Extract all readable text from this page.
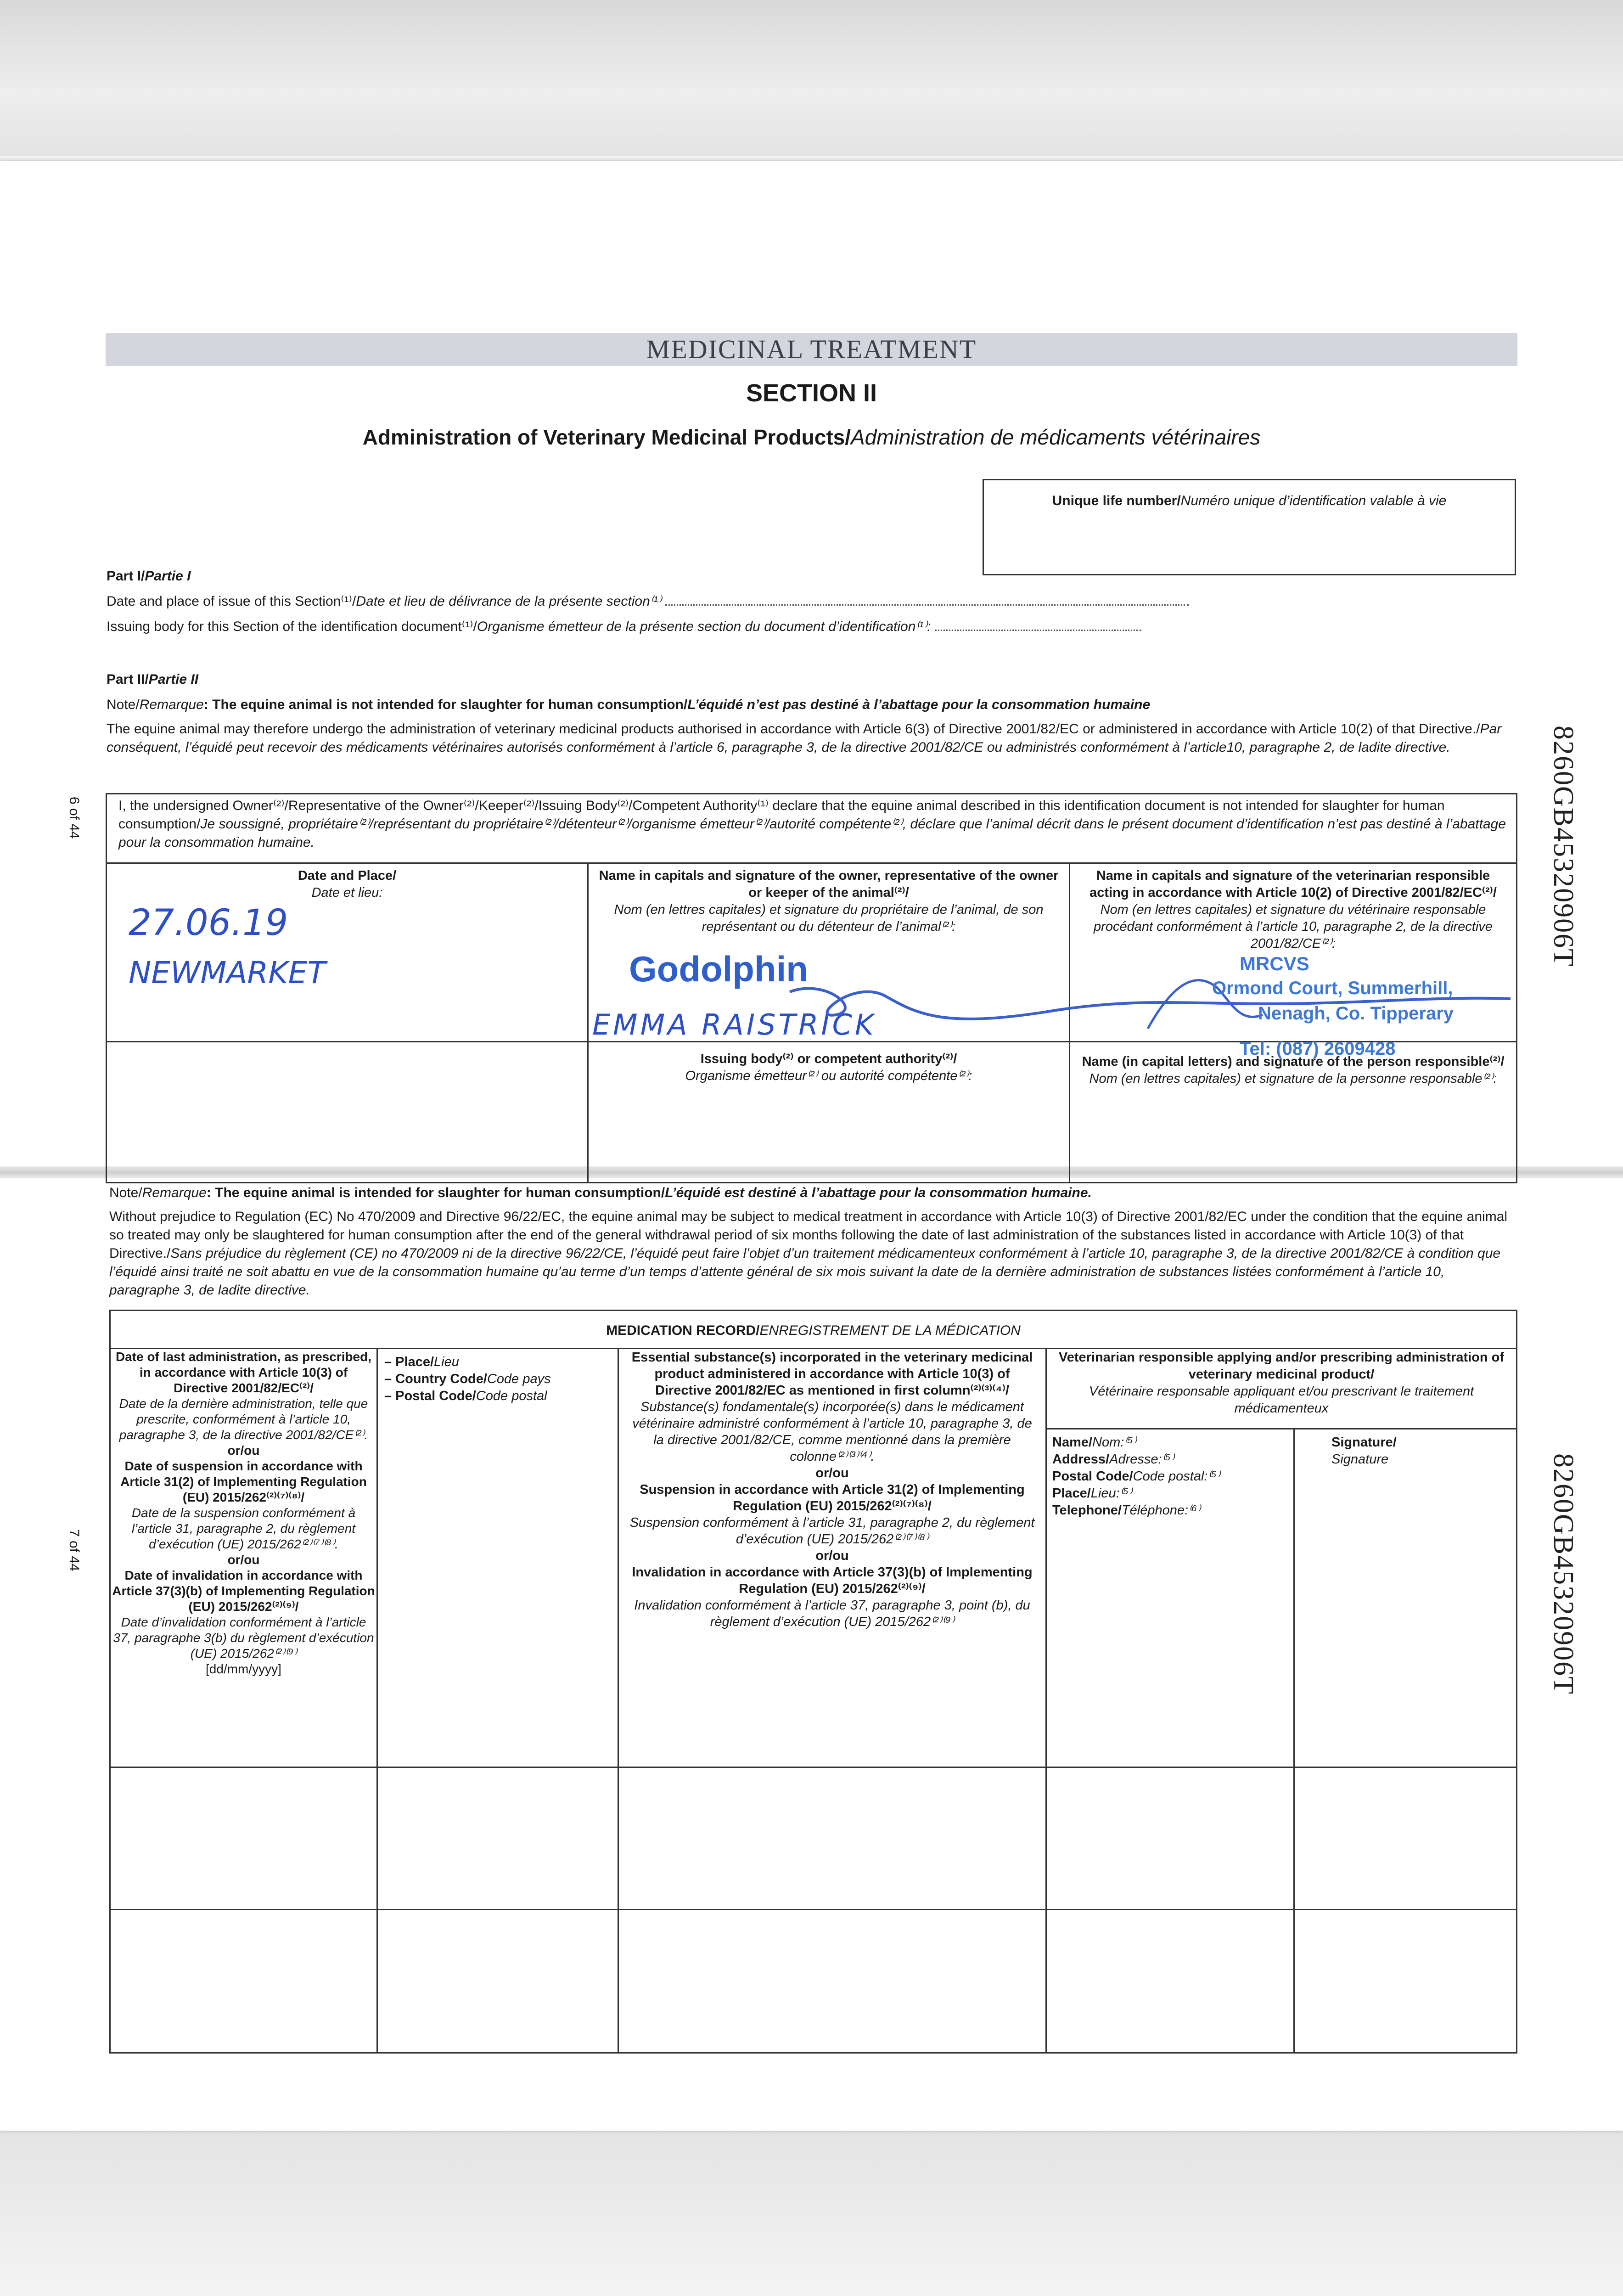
MEDICINAL TREATMENT
SECTION II
Administration of Veterinary Medicinal Products/Administration de médicaments vétérinaires
Unique life number/Numéro unique d’identification valable à vie
Part I/Partie I
Date and place of issue of this Section⁽¹⁾/Date et lieu de délivrance de la présente section⁽¹⁾
Issuing body for this Section of the identification document⁽¹⁾/Organisme émetteur de la présente section du document d’identification⁽¹⁾:
Part II/Partie II
Note/Remarque: The equine animal is not intended for slaughter for human consumption/L’équidé n’est pas destiné à l’abattage pour la consommation humaine
The equine animal may therefore undergo the administration of veterinary medicinal products authorised in accordance with Article 6(3) of Directive 2001/82/EC or administered in accordance with Article 10(2) of that Directive./Par conséquent, l’équidé peut recevoir des médicaments vétérinaires autorisés conformément à l’article 6, paragraphe 3, de la directive 2001/82/CE ou administrés conformément à l’article10, paragraphe 2, de ladite directive.
I, the undersigned Owner⁽²⁾/Representative of the Owner⁽²⁾/Keeper⁽²⁾/Issuing Body⁽²⁾/Competent Authority⁽¹⁾ declare that the equine animal described in this identification document is not intended for slaughter for human consumption/Je soussigné, propriétaire⁽²⁾/représentant du propriétaire⁽²⁾/détenteur⁽²⁾/organisme émetteur⁽²⁾/autorité compétente⁽²⁾, déclare que l’animal décrit dans le présent document d’identification n’est pas destiné à l’abattage pour la consommation humaine.
Date and Place/
Date et lieu:
Name in capitals and signature of the owner, representative of the owner or keeper of the animal⁽²⁾/
Nom (en lettres capitales) et signature du propriétaire de l’animal, de son représentant ou du détenteur de l’animal⁽²⁾:
Name in capitals and signature of the veterinarian responsible acting in accordance with Article 10(2) of Directive 2001/82/EC⁽²⁾/
Nom (en lettres capitales) et signature du vétérinaire responsable procédant conformément à l’article 10, paragraphe 2, de la directive 2001/82/CE⁽²⁾:
Issuing body⁽²⁾ or competent authority⁽²⁾/
Organisme émetteur⁽²⁾ ou autorité compétente⁽²⁾:
Name (in capital letters) and signature of the person responsible⁽²⁾/
Nom (en lettres capitales) et signature de la personne responsable⁽²⁾:
27.06.19
NEWMARKET	Godolphin
EMMA RAISTRICK
MRCVS
Ormond Court, Summerhill,
Nenagh, Co. Tipperary
Tel: (087) 2609428
Note/Remarque: The equine animal is intended for slaughter for human consumption/L’équidé est destiné à l’abattage pour la consommation humaine.
Without prejudice to Regulation (EC) No 470/2009 and Directive 96/22/EC, the equine animal may be subject to medical treatment in accordance with Article 10(3) of Directive 2001/82/EC under the condition that the equine animal so treated may only be slaughtered for human consumption after the end of the general withdrawal period of six months following the date of last administration of the substances listed in accordance with Article 10(3) of that Directive./Sans préjudice du règlement (CE) no 470/2009 ni de la directive 96/22/CE, l’équidé peut faire l’objet d’un traitement médicamenteux conformément à l’article 10, paragraphe 3, de la directive 2001/82/CE à condition que l’équidé ainsi traité ne soit abattu en vue de la consommation humaine qu’au terme d’un temps d’attente général de six mois suivant la date de la dernière administration de substances listées conformément à l’article 10, paragraphe 3, de ladite directive.
MEDICATION RECORD/ENREGISTREMENT DE LA MÉDICATION
Date of last administration, as prescribed, in accordance with Article 10(3) of Directive 2001/82/EC⁽²⁾/
Date de la dernière administration, telle que prescrite, conformément à l’article 10, paragraphe 3, de la directive 2001/82/CE⁽²⁾.
or/ou
Date of suspension in accordance with Article 31(2) of Implementing Regulation (EU) 2015/262⁽²⁾⁽⁷⁾⁽⁸⁾/
Date de la suspension conformément à l’article 31, paragraphe 2, du règlement d’exécution (UE) 2015/262⁽²⁾⁽⁷⁾⁽⁸⁾.
or/ou
Date of invalidation in accordance with Article 37(3)(b) of Implementing Regulation (EU) 2015/262⁽²⁾⁽⁹⁾/
Date d’invalidation conformément à l’article 37, paragraphe 3(b) du règlement d’exécution (UE) 2015/262⁽²⁾⁽⁹⁾
[dd/mm/yyyy]
– Place/Lieu
– Country Code/Code pays
– Postal Code/Code postal
Essential substance(s) incorporated in the veterinary medicinal product administered in accordance with Article 10(3) of Directive 2001/82/EC as mentioned in first column⁽²⁾⁽³⁾⁽⁴⁾/
Substance(s) fondamentale(s) incorporée(s) dans le médicament vétérinaire administré conformément à l’article 10, paragraphe 3, de la directive 2001/82/CE, comme mentionné dans la première colonne⁽²⁾⁽³⁾⁽⁴⁾.
or/ou
Suspension in accordance with Article 31(2) of Implementing Regulation (EU) 2015/262⁽²⁾⁽⁷⁾⁽⁸⁾/
Suspension conformément à l’article 31, paragraphe 2, du règlement d’exécution (UE) 2015/262⁽²⁾⁽⁷⁾⁽⁸⁾
or/ou
Invalidation in accordance with Article 37(3)(b) of Implementing Regulation (EU) 2015/262⁽²⁾⁽⁹⁾/
Invalidation conformément à l’article 37, paragraphe 3, point (b), du règlement d’exécution (UE) 2015/262⁽²⁾⁽⁹⁾
Veterinarian responsible applying and/or prescribing administration of veterinary medicinal product/
Vétérinaire responsable appliquant et/ou prescrivant le traitement médicamenteux
Name/Nom:⁽⁵⁾
Address/Adresse:⁽⁵⁾
Postal Code/Code postal:⁽⁵⁾
Place/Lieu:⁽⁵⁾
Telephone/Téléphone:⁽⁶⁾
Signature/
Signature
6 of 44
7 of 44
8260GB45320906T
8260GB45320906T
